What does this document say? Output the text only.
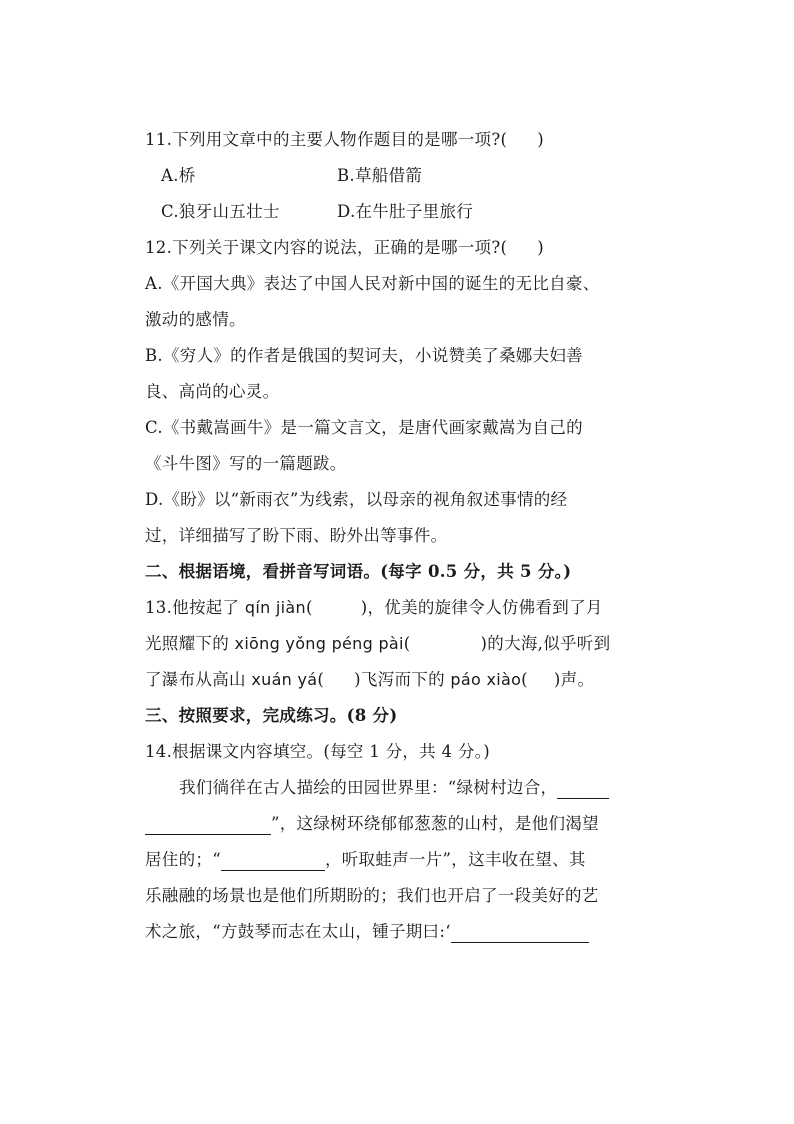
11.下列用文章中的主要人物作题目的是哪一项?( )
A.桥	B.草船借箭
C.狼牙山五壮士	D.在牛肚子里旅行
12.下列关于课文内容的说法，正确的是哪一项?( )
A.《开国大典》表达了中国人民对新中国的诞生的无比自豪、
激动的感情。
B.《穷人》的作者是俄国的契诃夫，小说赞美了桑娜夫妇善
良、高尚的心灵。
C.《书戴嵩画牛》是一篇文言文，是唐代画家戴嵩为自己的
《斗牛图》写的一篇题跋。
D.《盼》以“新雨衣”为线索，以母亲的视角叙述事情的经
过，详细描写了盼下雨、盼外出等事件。
二、根据语境，看拼音写词语。(每字 0.5 分，共 5 分。)
13.他按起了 qín jiàn(	)，优美的旋律令人仿佛看到了月
光照耀下的 xiōng yǒng péng pài(	)的大海,似乎听到
了瀑布从高山 xuán yá( )飞泻而下的 páo xiào( )声。
三、按照要求，完成练习。(8 分)
14.根据课文内容填空。(每空 1 分，共 4 分。)
我们徜徉在古人描绘的田园世界里：“绿树村边合，
”，这绿树环绕郁郁葱葱的山村，是他们渴望
居住的；“	，听取蛙声一片”，这丰收在望、其
乐融融的场景也是他们所期盼的；我们也开启了一段美好的艺
术之旅，“方鼓琴而志在太山，锺子期曰:‘
